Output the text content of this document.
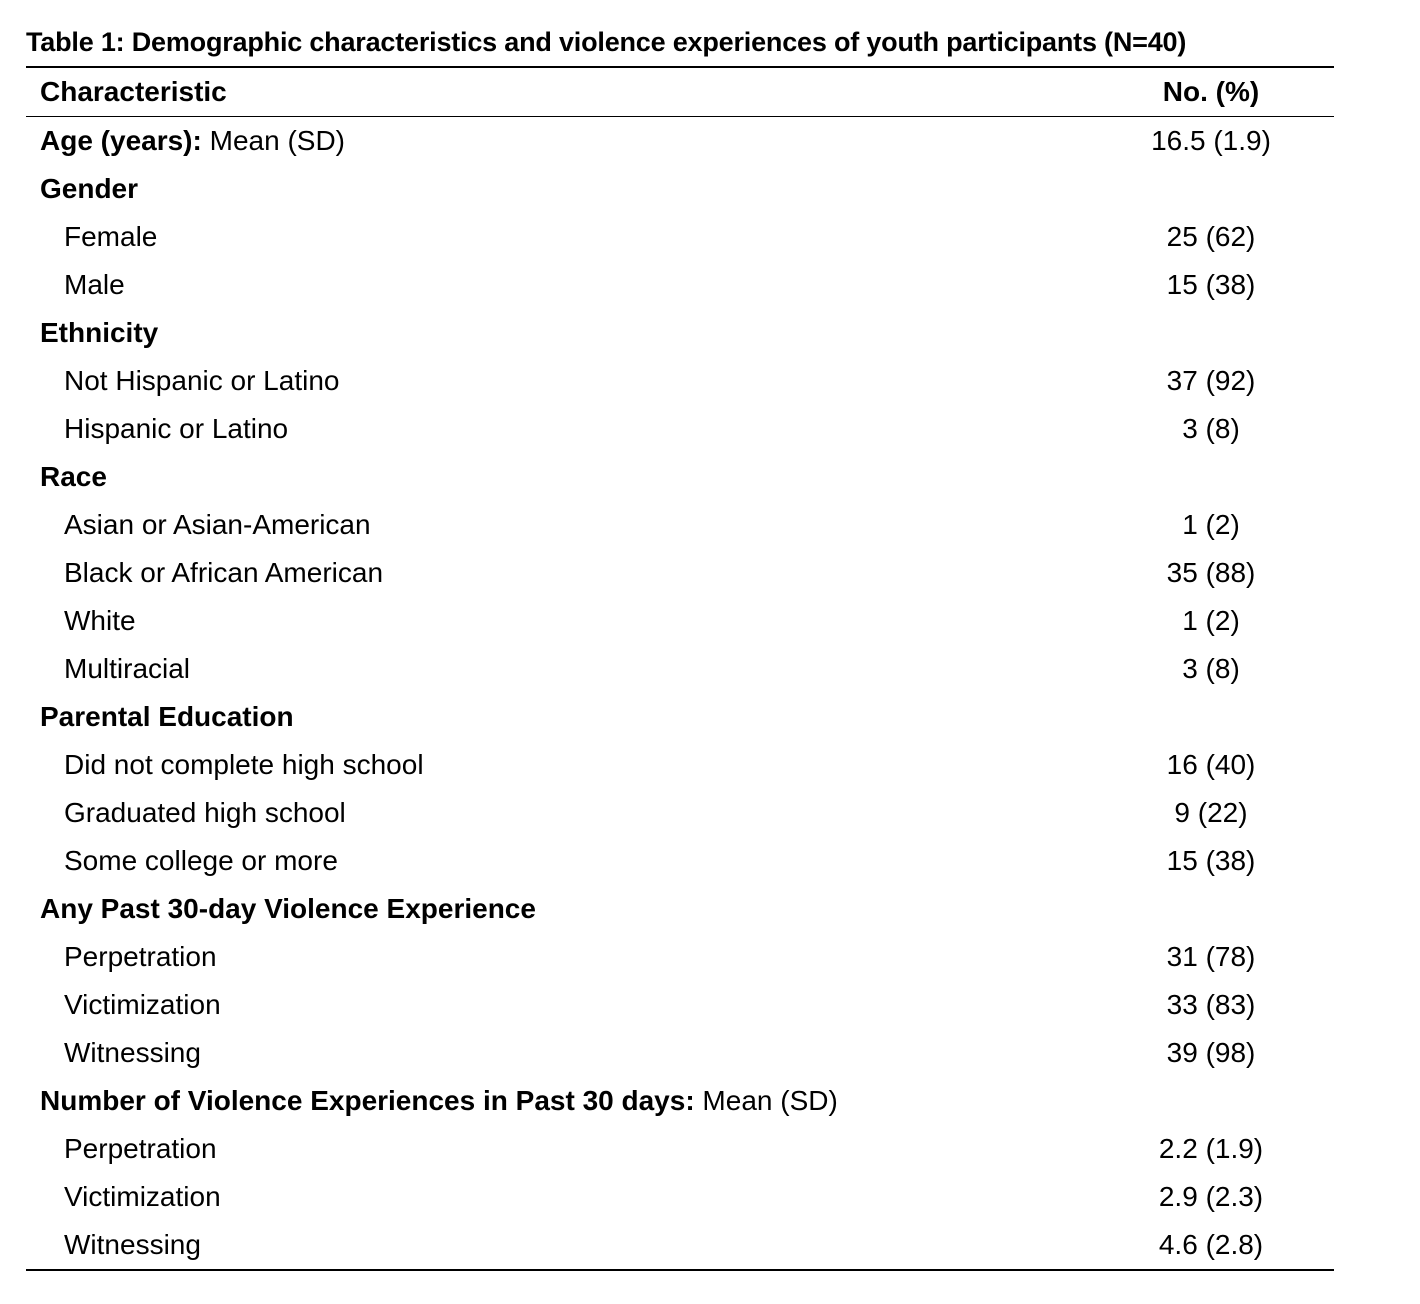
Table 1: Demographic characteristics and violence experiences of youth participants (N=40)
Characteristic	No. (%)
Age (years): Mean (SD)	16.5 (1.9)
Gender
Female	25 (62)
Male	15 (38)
Ethnicity
Not Hispanic or Latino	37 (92)
Hispanic or Latino	3 (8)
Race
Asian or Asian-American	1 (2)
Black or African American	35 (88)
White	1 (2)
Multiracial	3 (8)
Parental Education
Did not complete high school	16 (40)
Graduated high school	9 (22)
Some college or more	15 (38)
Any Past 30-day Violence Experience
Perpetration	31 (78)
Victimization	33 (83)
Witnessing	39 (98)
Number of Violence Experiences in Past 30 days: Mean (SD)
Perpetration	2.2 (1.9)
Victimization	2.9 (2.3)
Witnessing	4.6 (2.8)
